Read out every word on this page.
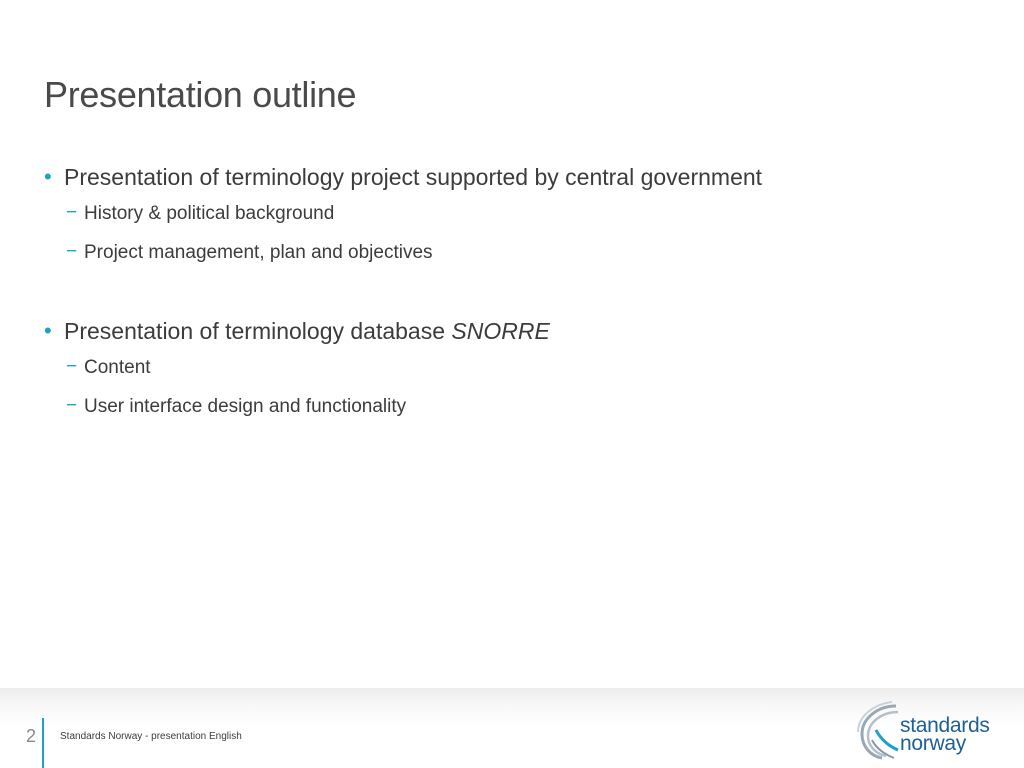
Presentation outline
• Presentation of terminology project supported by central government
− History & political background
− Project management, plan and objectives
• Presentation of terminology database SNORRE
− Content
− User interface design and functionality
2 Standards Norway - presentation English	standards
norway
